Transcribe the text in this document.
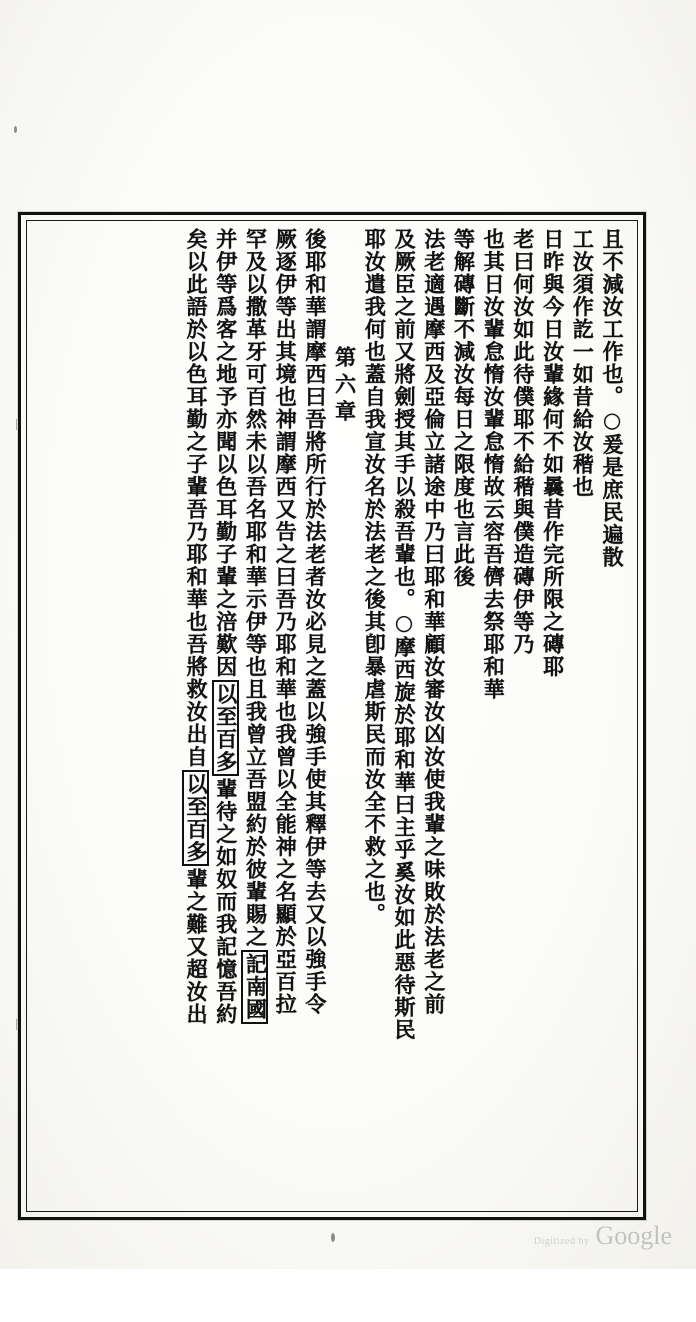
︱
︱
且不減汝工作也。○爰是庶民遍散
工汝須作訖一如昔給汝稭也
日昨與今日汝輩緣何不如曩昔作完所限之磚耶
老曰何汝如此待僕耶不給稭與僕造磚伊等乃
也其日汝輩怠惰汝輩怠惰故云容吾儕去祭耶和華
等解磚斷不減汝每日之限度也言此後
法老適遇摩西及亞倫立諸途中乃曰耶和華顧汝審汝凶汝使我輩之味敗於法老之前
及厥臣之前又將劍授其手以殺吾輩也。○摩西旋於耶和華曰主乎奚汝如此惡待斯民
耶汝遣我何也蓋自我宣汝名於法老之後其卽暴虐斯民而汝全不救之也。
第六章
後耶和華謂摩西曰吾將所行於法老者汝必見之蓋以強手使其釋伊等去又以強手令
厥逐伊等出其境也神謂摩西又告之曰吾乃耶和華也我曾以全能神之名顯於亞百拉
罕及以撒革牙可百然未以吾名耶和華示伊等也且我曾立吾盟約於彼輩賜之記南國
并伊等爲客之地予亦聞以色耳勤子輩之涪歎因以至百多輩待之如奴而我記憶吾約
矣以此語於以色耳勤之子輩吾乃耶和華也吾將救汝出自以至百多輩之難又超汝出
Digitized by Google
